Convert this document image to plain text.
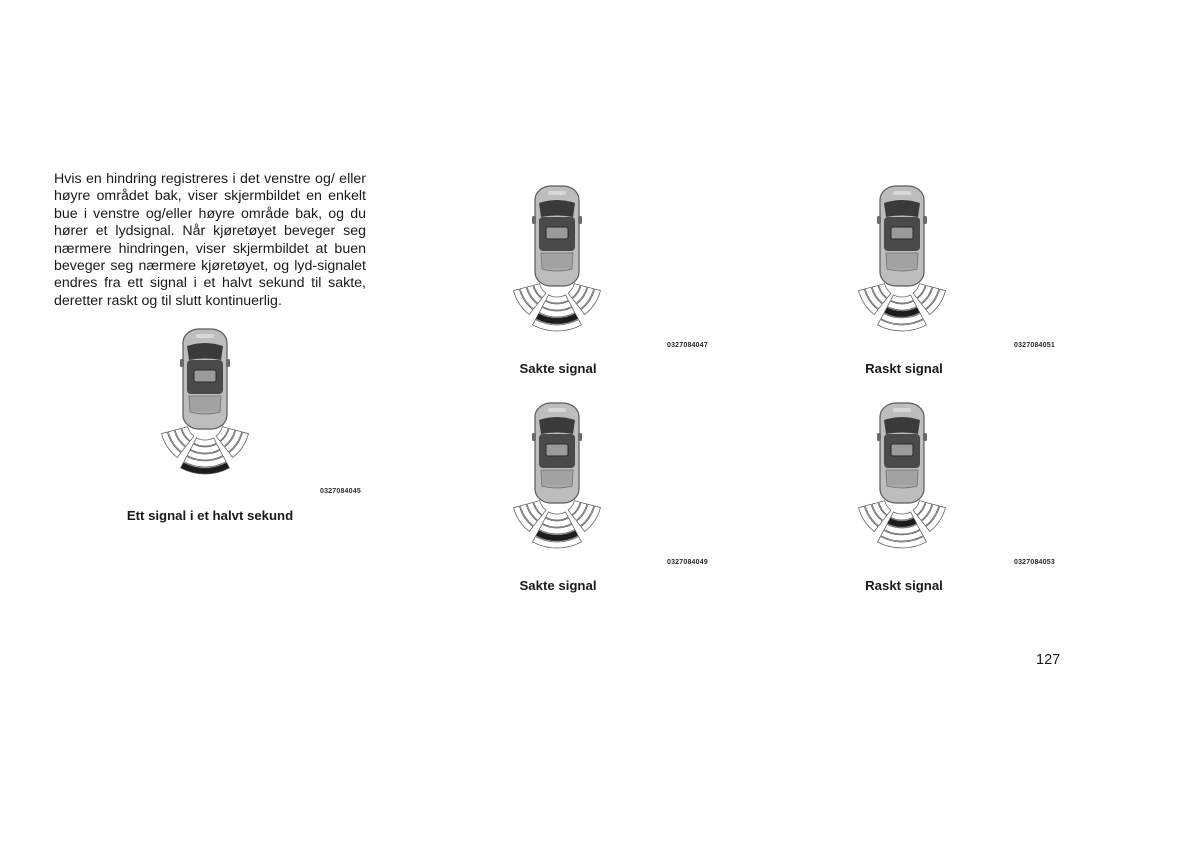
Hvis en hindring registreres i det venstre og/ eller høyre området bak, viser skjermbildet en enkelt bue i venstre og/eller høyre område bak, og du hører et lydsignal. Når kjøretøyet beveger seg nærmere hindringen, viser skjermbildet at buen beveger seg nærmere kjøretøyet, og lyd-signalet endres fra ett signal i et halvt sekund til sakte, deretter raskt og til slutt kontinuerlig.

0327084045
Ett signal i et halvt sekund
0327084047
Sakte signal
0327084051
Raskt signal
0327084049
Sakte signal
0327084053
Raskt signal
127
